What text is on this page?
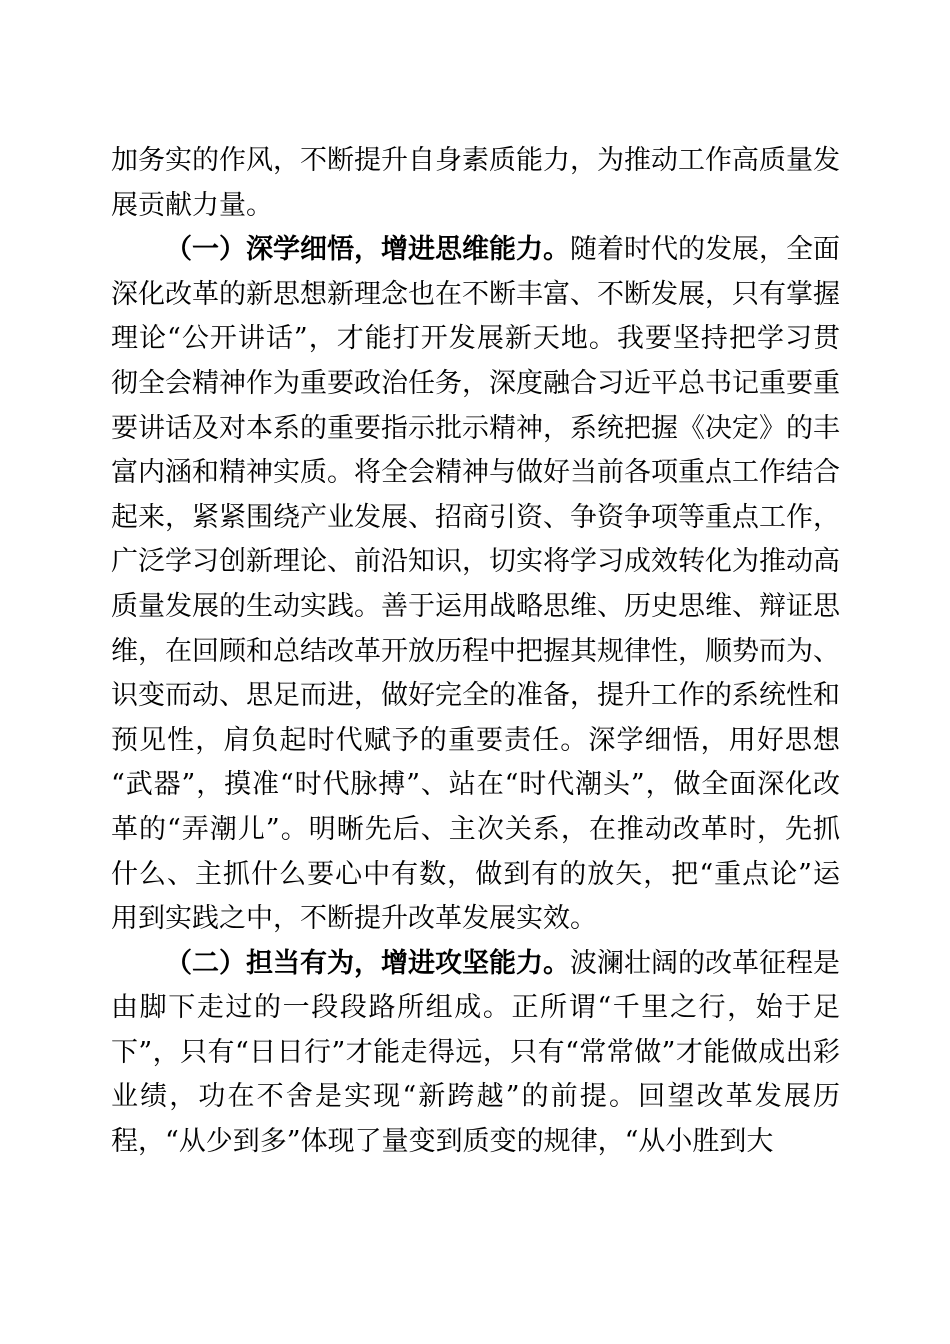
加务实的作风，不断提升自身素质能力，为推动工作高质量发展贡献力量。

（一）深学细悟，增进思维能力。随着时代的发展，全面深化改革的新思想新理念也在不断丰富、不断发展，只有掌握理论“公开讲话”，才能打开发展新天地。我要坚持把学习贯彻全会精神作为重要政治任务，深度融合习近平总书记重要重要讲话及对本系的重要指示批示精神，系统把握《决定》的丰富内涵和精神实质。将全会精神与做好当前各项重点工作结合起来，紧紧围绕产业发展、招商引资、争资争项等重点工作，广泛学习创新理论、前沿知识，切实将学习成效转化为推动高质量发展的生动实践。善于运用战略思维、历史思维、辩证思维，在回顾和总结改革开放历程中把握其规律性，顺势而为、识变而动、思足而进，做好完全的准备，提升工作的系统性和预见性，肩负起时代赋予的重要责任。深学细悟，用好思想“武器”，摸准“时代脉搏”、站在“时代潮头”，做全面深化改革的“弄潮儿”。明晰先后、主次关系，在推动改革时，先抓什么、主抓什么要心中有数，做到有的放矢，把“重点论”运用到实践之中，不断提升改革发展实效。

（二）担当有为，增进攻坚能力。波澜壮阔的改革征程是由脚下走过的一段段路所组成。正所谓“千里之行，始于足下”，只有“日日行”才能走得远，只有“常常做”才能做成出彩业绩，功在不舍是实现“新跨越”的前提。回望改革发展历程，“从少到多”体现了量变到质变的规律，“从小胜到大
